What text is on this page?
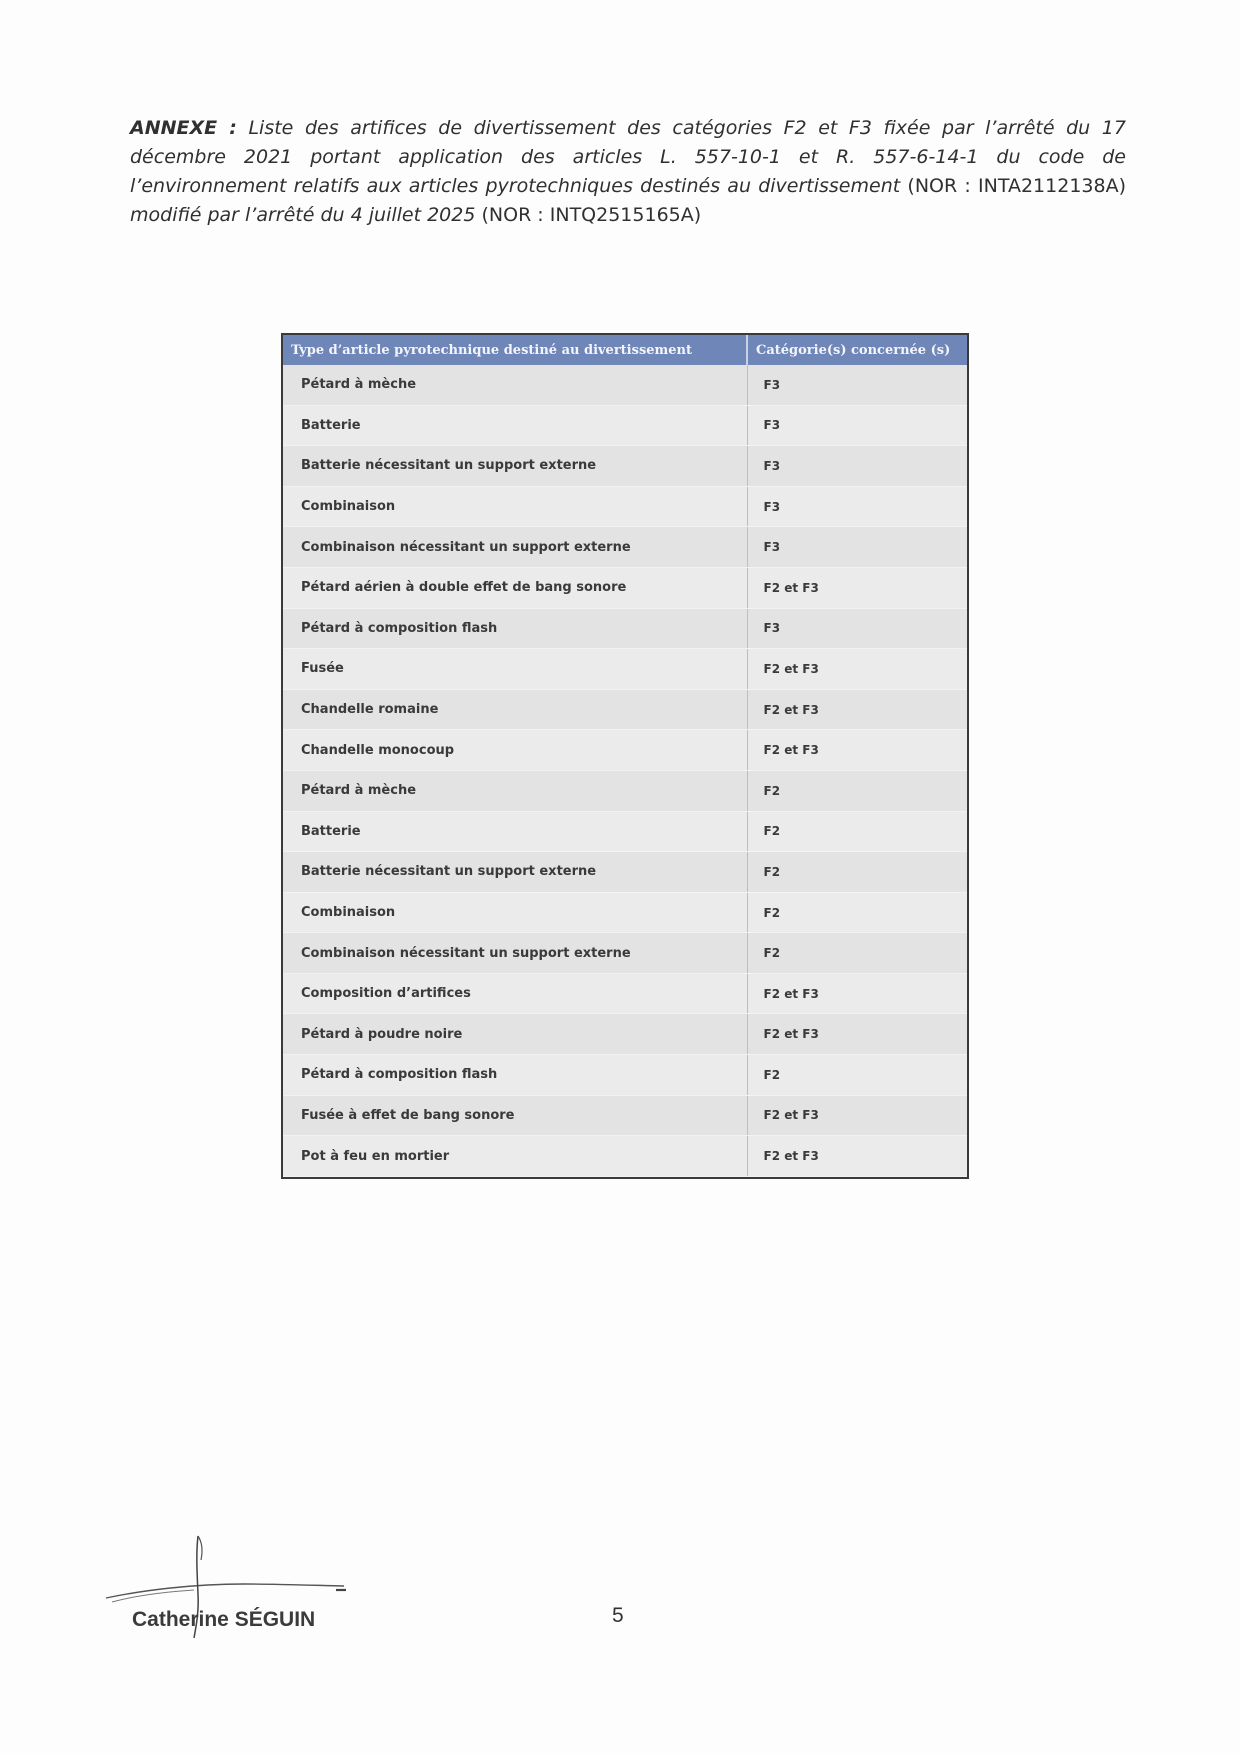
ANNEXE : Liste des artifices de divertissement des catégories F2 et F3 fixée par l’arrêté du 17 décembre 2021 portant application des articles L. 557-10-1 et R. 557-6-14-1 du code de l’environnement relatifs aux articles pyrotechniques destinés au divertissement (NOR : INTA2112138A) modifié par l’arrêté du 4 juillet 2025 (NOR : INTQ2515165A)

Type d’article pyrotechnique destiné au divertissement	Catégorie(s) concernée (s)
Pétard à mèche	F3
Batterie	F3
Batterie nécessitant un support externe	F3
Combinaison	F3
Combinaison nécessitant un support externe	F3
Pétard aérien à double effet de bang sonore	F2 et F3
Pétard à composition flash	F3
Fusée	F2 et F3
Chandelle romaine	F2 et F3
Chandelle monocoup	F2 et F3
Pétard à mèche	F2
Batterie	F2
Batterie nécessitant un support externe	F2
Combinaison	F2
Combinaison nécessitant un support externe	F2
Composition d’artifices	F2 et F3
Pétard à poudre noire	F2 et F3
Pétard à composition flash	F2
Fusée à effet de bang sonore	F2 et F3
Pot à feu en mortier	F2 et F3
Catherine SÉGUIN	5
